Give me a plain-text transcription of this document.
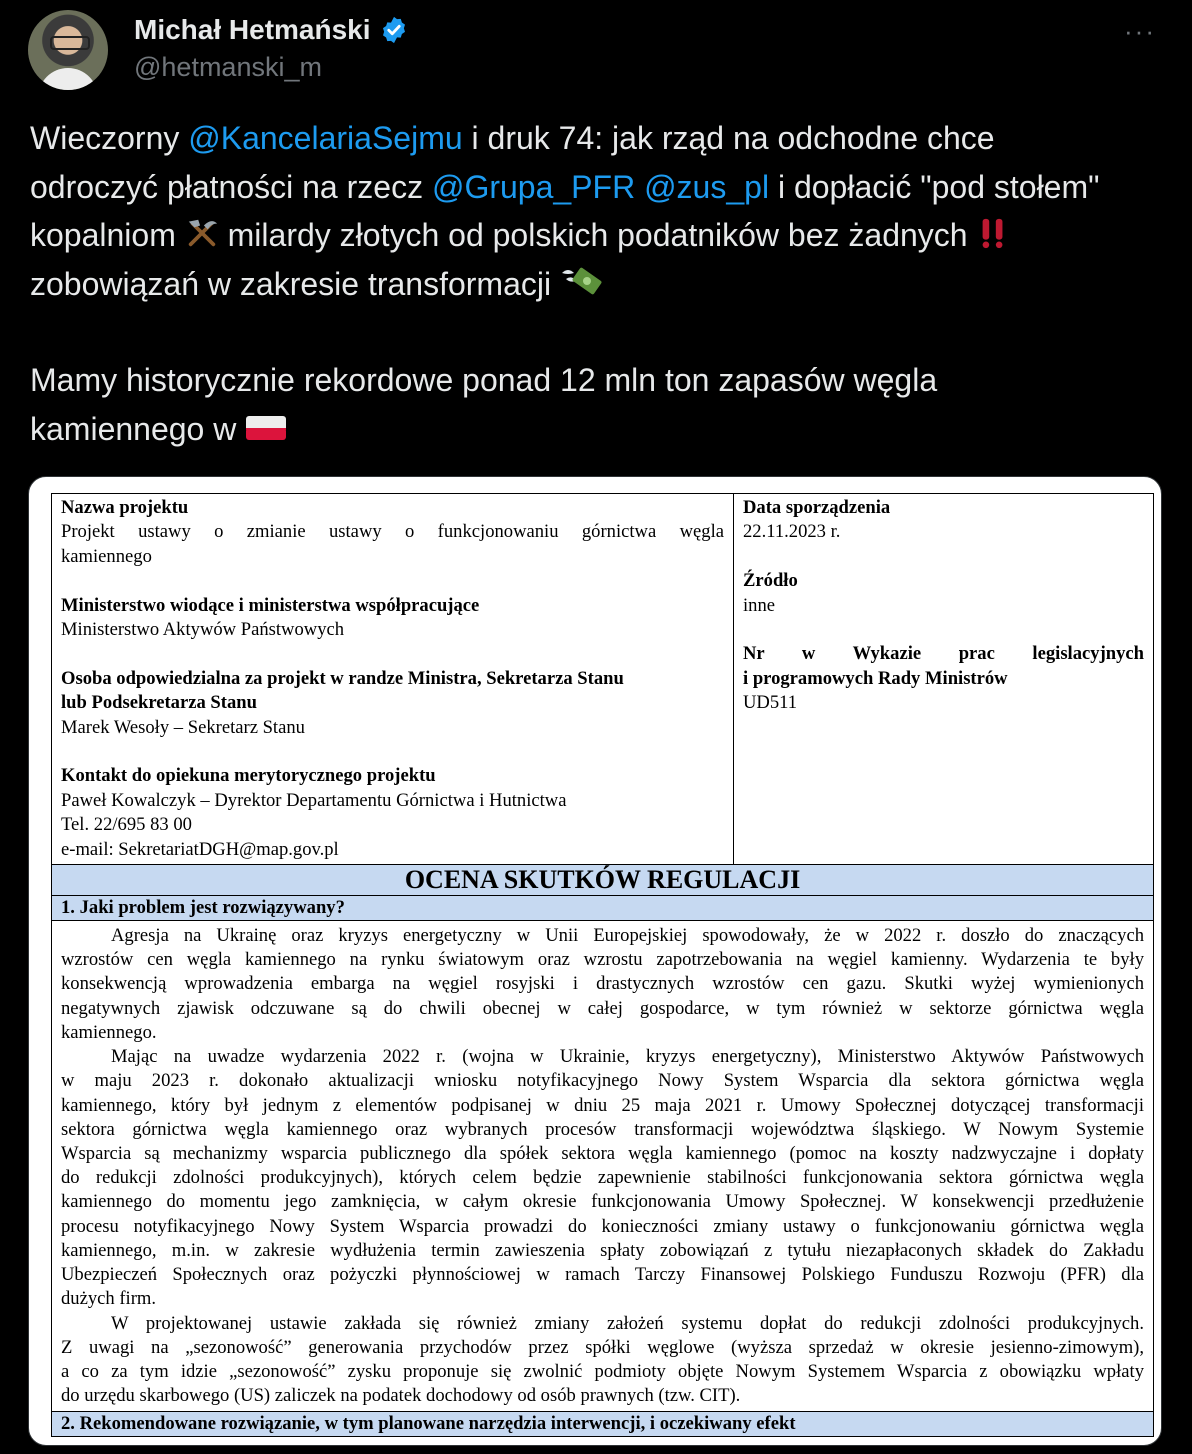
Michał Hetmański
@hetmanski_m
···

Wieczorny @KancelariaSejmu i druk 74: jak rząd na odchodne chce
odroczyć płatności na rzecz @Grupa_PFR @zus_pl i dopłacić "pod stołem"
kopalniom  milardy złotych od polskich podatników bez żadnych
zobowiązań w zakresie transformacji

Mamy historycznie rekordowe ponad 12 mln ton zapasów węgla
kamiennego w

Nazwa projektu
Projekt ustawy o zmianie ustawy o funkcjonowaniu górnictwa węgla
kamiennego
Ministerstwo wiodące i ministerstwa współpracujące
Ministerstwo Aktywów Państwowych
Osoba odpowiedzialna za projekt w randze Ministra, Sekretarza Stanu
lub Podsekretarza Stanu
Marek Wesoły – Sekretarz Stanu
Kontakt do opiekuna merytorycznego projektu
Paweł Kowalczyk – Dyrektor Departamentu Górnictwa i Hutnictwa
Tel. 22/695 83 00
e-mail: SekretariatDGH@map.gov.pl

Data sporządzenia
22.11.2023 r.
Źródło
inne
Nr w Wykazie prac legislacyjnych
i programowych Rady Ministrów
UD511

OCENA SKUTKÓW REGULACJI
1. Jaki problem jest rozwiązywany?

Agresja na Ukrainę oraz kryzys energetyczny w Unii Europejskiej spowodowały, że w 2022 r. doszło do znaczących
wzrostów cen węgla kamiennego na rynku światowym oraz wzrostu zapotrzebowania na węgiel kamienny. Wydarzenia te były
konsekwencją wprowadzenia embarga na węgiel rosyjski i drastycznych wzrostów cen gazu. Skutki wyżej wymienionych
negatywnych zjawisk odczuwane są do chwili obecnej w całej gospodarce, w tym również w sektorze górnictwa węgla
kamiennego.
Mając na uwadze wydarzenia 2022 r. (wojna w Ukrainie, kryzys energetyczny), Ministerstwo Aktywów Państwowych
w maju 2023 r. dokonało aktualizacji wniosku notyfikacyjnego Nowy System Wsparcia dla sektora górnictwa węgla
kamiennego, który był jednym z elementów podpisanej w dniu 25 maja 2021 r. Umowy Społecznej dotyczącej transformacji
sektora górnictwa węgla kamiennego oraz wybranych procesów transformacji województwa śląskiego. W Nowym Systemie
Wsparcia są mechanizmy wsparcia publicznego dla spółek sektora węgla kamiennego (pomoc na koszty nadzwyczajne i dopłaty
do redukcji zdolności produkcyjnych), których celem będzie zapewnienie stabilności funkcjonowania sektora górnictwa węgla
kamiennego do momentu jego zamknięcia, w całym okresie funkcjonowania Umowy Społecznej. W konsekwencji przedłużenie
procesu notyfikacyjnego Nowy System Wsparcia prowadzi do konieczności zmiany ustawy o funkcjonowaniu górnictwa węgla
kamiennego, m.in. w zakresie wydłużenia termin zawieszenia spłaty zobowiązań z tytułu niezapłaconych składek do Zakładu
Ubezpieczeń Społecznych oraz pożyczki płynnościowej w ramach Tarczy Finansowej Polskiego Funduszu Rozwoju (PFR) dla
dużych firm.
W projektowanej ustawie zakłada się również zmiany założeń systemu dopłat do redukcji zdolności produkcyjnych.
Z uwagi na „sezonowość” generowania przychodów przez spółki węglowe (wyższa sprzedaż w okresie jesienno-zimowym),
a co za tym idzie „sezonowość” zysku proponuje się zwolnić podmioty objęte Nowym Systemem Wsparcia z obowiązku wpłaty
do urzędu skarbowego (US) zaliczek na podatek dochodowy od osób prawnych (tzw. CIT).

2. Rekomendowane rozwiązanie, w tym planowane narzędzia interwencji, i oczekiwany efekt
